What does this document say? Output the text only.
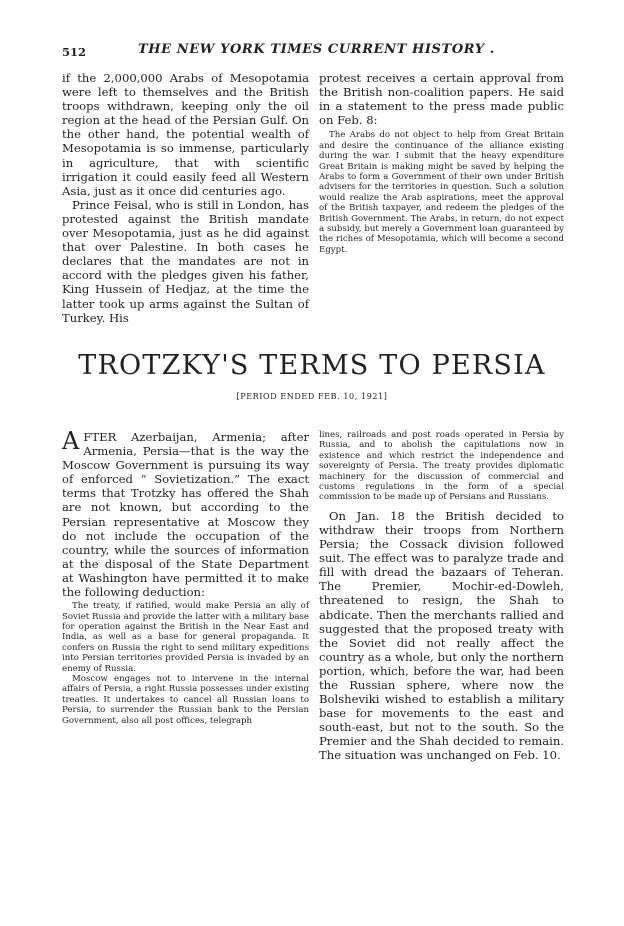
512	THE NEW YORK TIMES CURRENT HISTORY .

if the 2,000,000 Arabs of Mesopotamia were left to themselves and the British troops withdrawn, keeping only the oil region at the head of the Persian Gulf. On the other hand, the potential wealth of Mesopotamia is so immense, particularly in agriculture, that with scientific irrigation it could easily feed all Western Asia, just as it once did centuries ago.

Prince Feisal, who is still in London, has protested against the British mandate over Mesopotamia, just as he did against that over Palestine. In both cases he declares that the mandates are not in accord with the pledges given his father, King Hussein of Hedjaz, at the time the latter took up arms against the Sultan of Turkey. His

protest receives a certain approval from the British non-coalition papers. He said in a statement to the press made public on Feb. 8:

The Arabs do not object to help from Great Britain and desire the continuance of the alliance existing during the war. I submit that the heavy expenditure Great Britain is making might be saved by helping the Arabs to form a Government of their own under British advisers for the territories in question. Such a solution would realize the Arab aspirations, meet the approval of the British taxpayer, and redeem the pledges of the British Government. The Arabs, in return, do not expect a subsidy, but merely a Government loan guaranteed by the riches of Mesopotamia, which will become a second Egypt.

TROTZKY'S TERMS TO PERSIA
[PERIOD ENDED FEB. 10, 1921]

AFTER Azerbaijan, Armenia; after Armenia, Persia—that is the way the Moscow Government is pursuing its way of enforced “ Sovietization.” The exact terms that Trotzky has offered the Shah are not known, but according to the Persian representative at Moscow they do not include the occupation of the country, while the sources of information at the disposal of the State Department at Washington have permitted it to make the following deduction:

The treaty, if ratified, would make Persia an ally of Soviet Russia and provide the latter with a military base for operation against the British in the Near East and India, as well as a base for general propaganda. It confers on Russia the right to send military expeditions into Persian territories provided Persia is invaded by an enemy of Russia.

Moscow engages not to intervene in the internal affairs of Persia, a right Russia possesses under existing treaties. It undertakes to cancel all Russian loans to Persia, to surrender the Russian bank to the Persian Government, also all post offices, telegraph

lines, railroads and post roads operated in Persia by Russia, and to abolish the capitulations now in existence and which restrict the independence and sovereignty of Persia. The treaty provides diplomatic machinery for the discussion of commercial and customs regulations in the form of a special commission to be made up of Persians and Russians.

On Jan. 18 the British decided to withdraw their troops from Northern Persia; the Cossack division followed suit. The effect was to paralyze trade and fill with dread the bazaars of Teheran. The Premier, Mochir-ed-Dowleh, threatened to resign, the Shah to abdicate. Then the merchants rallied and suggested that the proposed treaty with the Soviet did not really affect the country as a whole, but only the northern portion, which, before the war, had been the Russian sphere, where now the Bolsheviki wished to establish a military base for movements to the east and south-east, but not to the south. So the Premier and the Shah decided to remain. The situation was unchanged on Feb. 10.
